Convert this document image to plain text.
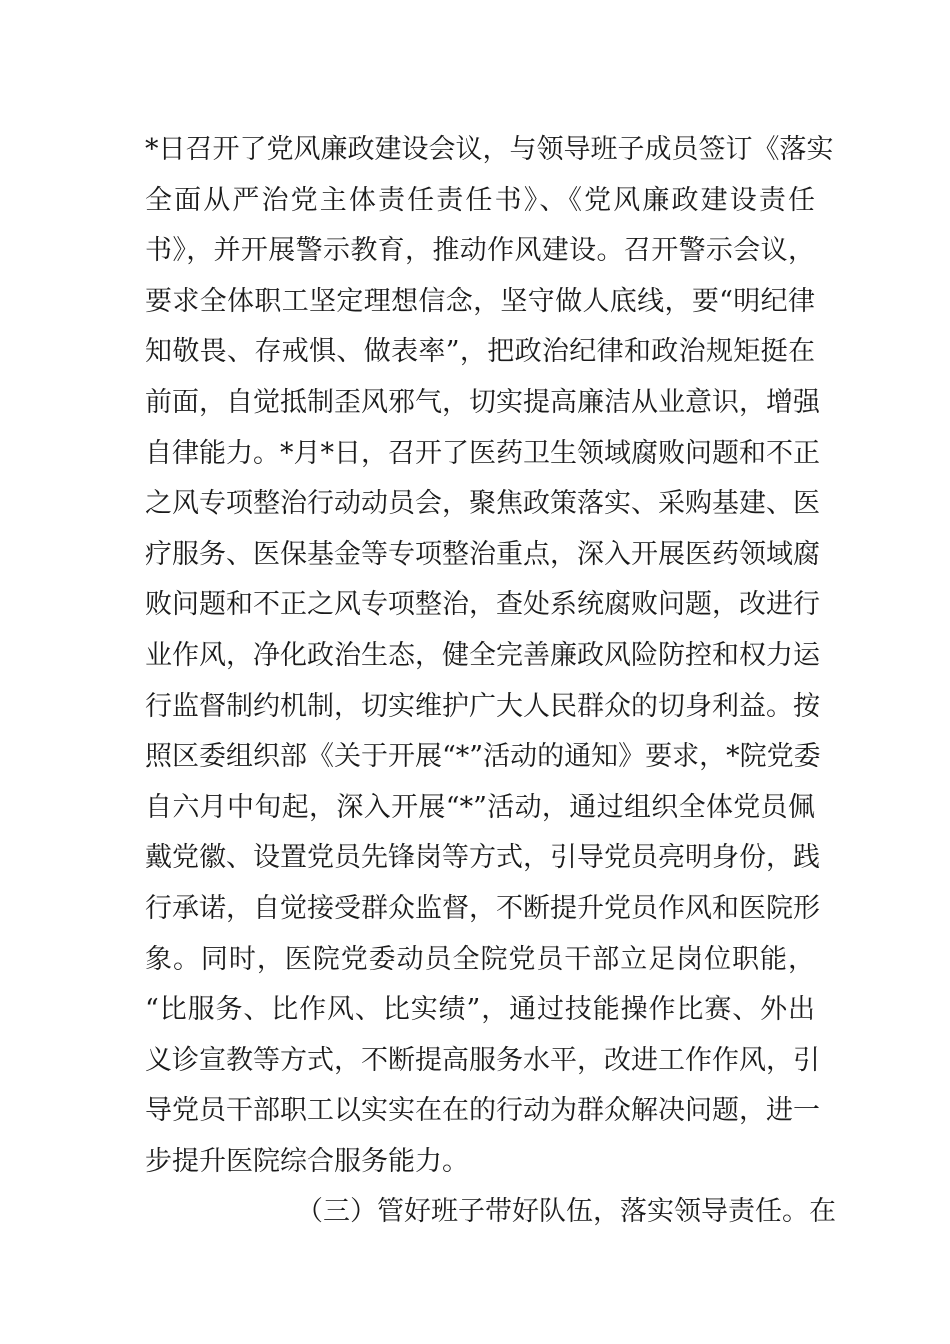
*日召开了党风廉政建设会议，与领导班子成员签订《落实
全面从严治党主体责任责任书》、《党风廉政建设责任
书》，并开展警示教育，推动作风建设。召开警示会议，
要求全体职工坚定理想信念，坚守做人底线，要“明纪律
知敬畏、存戒惧、做表率”，把政治纪律和政治规矩挺在
前面，自觉抵制歪风邪气，切实提高廉洁从业意识，增强
自律能力。*月*日，召开了医药卫生领域腐败问题和不正
之风专项整治行动动员会，聚焦政策落实、采购基建、医
疗服务、医保基金等专项整治重点，深入开展医药领域腐
败问题和不正之风专项整治，查处系统腐败问题，改进行
业作风，净化政治生态，健全完善廉政风险防控和权力运
行监督制约机制，切实维护广大人民群众的切身利益。按
照区委组织部《关于开展“*”活动的通知》要求，*院党委
自六月中旬起，深入开展“*”活动，通过组织全体党员佩
戴党徽、设置党员先锋岗等方式，引导党员亮明身份，践
行承诺，自觉接受群众监督，不断提升党员作风和医院形
象。同时，医院党委动员全院党员干部立足岗位职能，
“比服务、比作风、比实绩”，通过技能操作比赛、外出
义诊宣教等方式，不断提高服务水平，改进工作作风，引
导党员干部职工以实实在在的行动为群众解决问题，进一
步提升医院综合服务能力。
（三）管好班子带好队伍，落实领导责任。在
